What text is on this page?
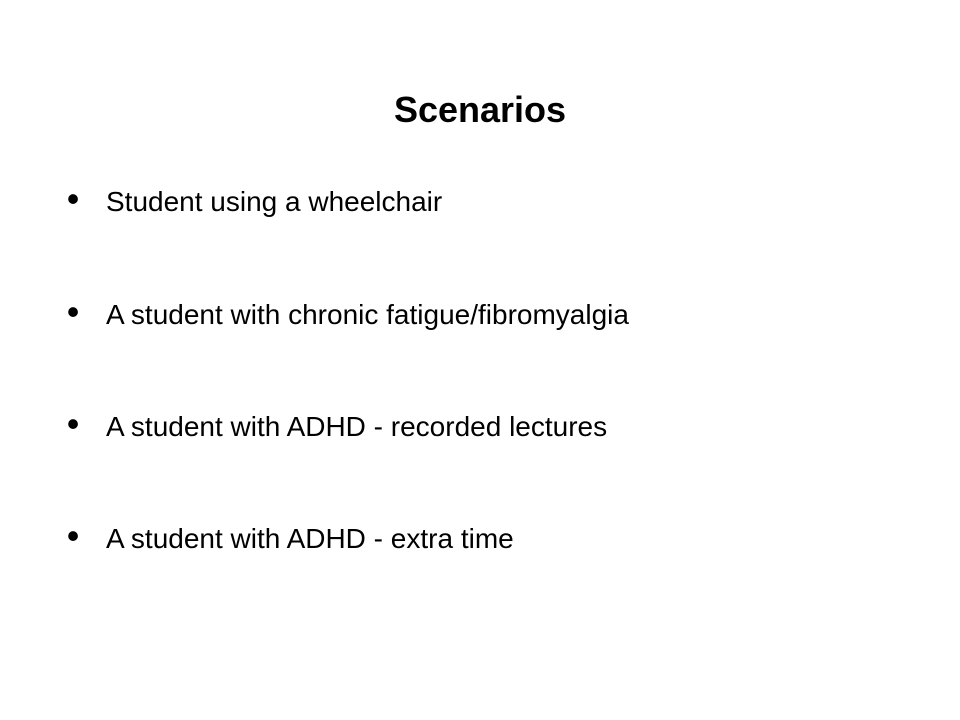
Scenarios
• Student using a wheelchair
• A student with chronic fatigue/fibromyalgia
• A student with ADHD - recorded lectures
• A student with ADHD - extra time
